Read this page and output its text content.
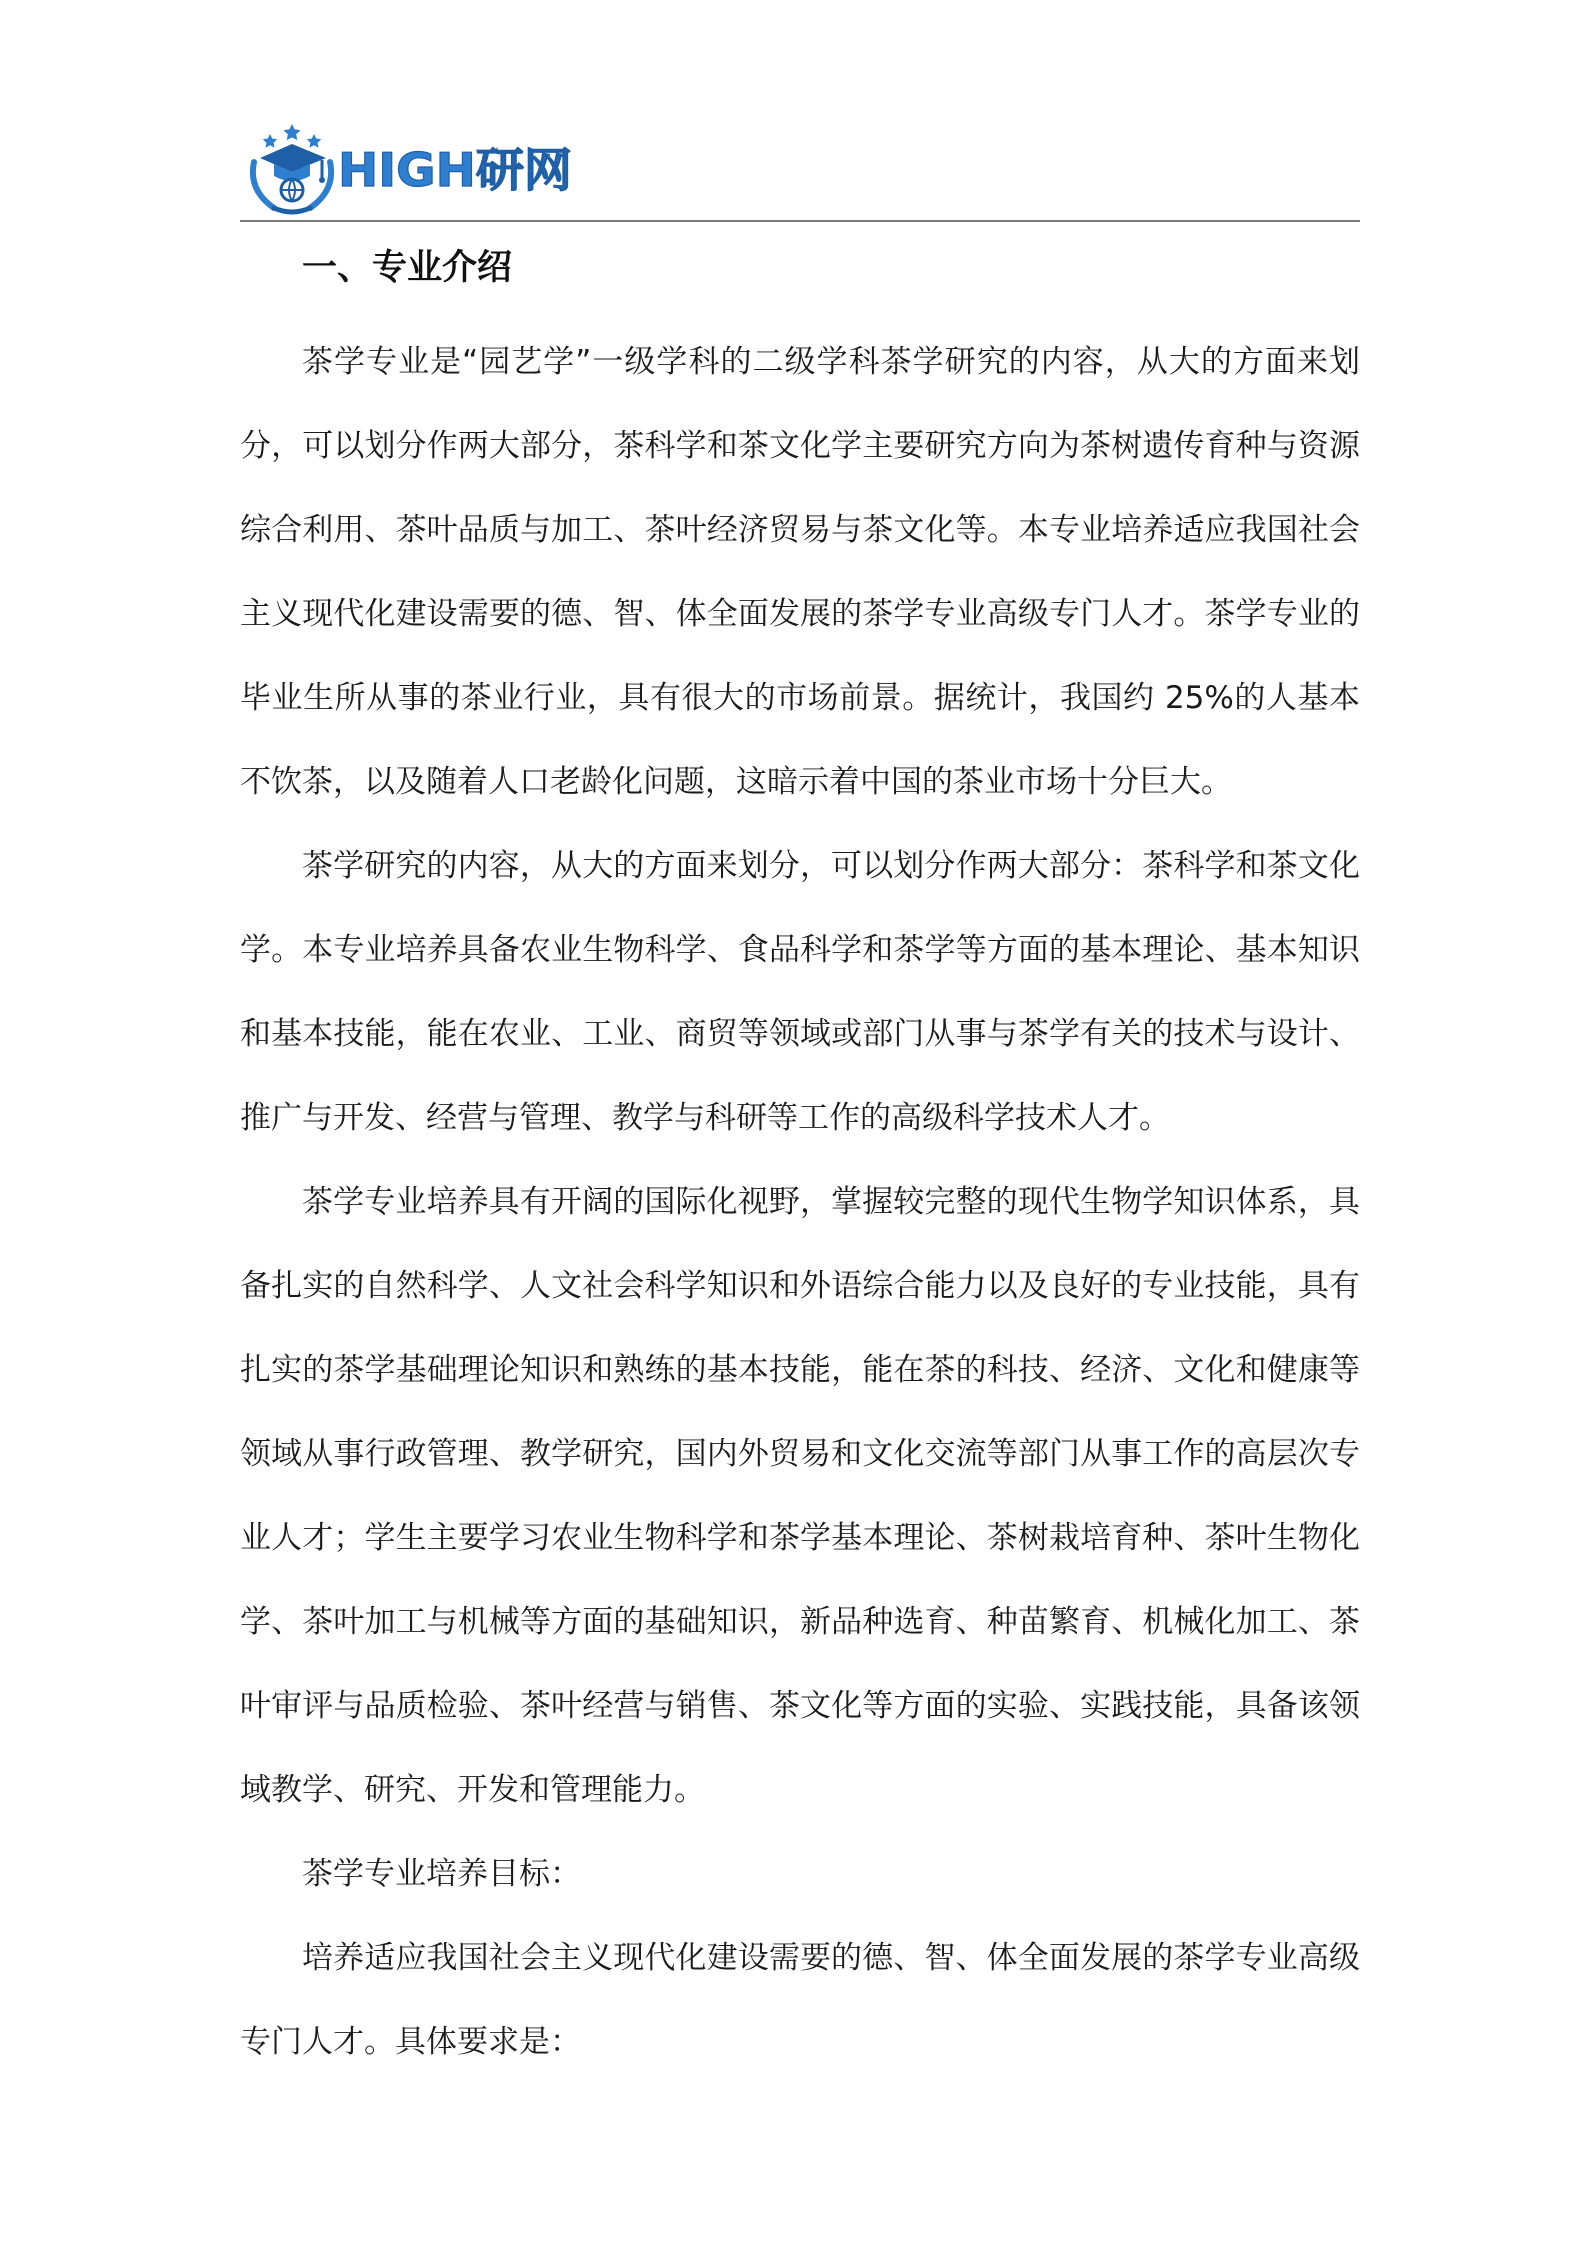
HIGH研网
一、专业介绍

茶学专业是“园艺学”一级学科的二级学科茶学研究的内容，从大的方面来划分，可以划分作两大部分，茶科学和茶文化学主要研究方向为茶树遗传育种与资源综合利用、茶叶品质与加工、茶叶经济贸易与茶文化等。本专业培养适应我国社会主义现代化建设需要的德、智、体全面发展的茶学专业高级专门人才。茶学专业的毕业生所从事的茶业行业，具有很大的市场前景。据统计，我国约 25%的人基本不饮茶，以及随着人口老龄化问题，这暗示着中国的茶业市场十分巨大。

茶学研究的内容，从大的方面来划分，可以划分作两大部分：茶科学和茶文化学。本专业培养具备农业生物科学、食品科学和茶学等方面的基本理论、基本知识和基本技能，能在农业、工业、商贸等领域或部门从事与茶学有关的技术与设计、推广与开发、经营与管理、教学与科研等工作的高级科学技术人才。

茶学专业培养具有开阔的国际化视野，掌握较完整的现代生物学知识体系，具备扎实的自然科学、人文社会科学知识和外语综合能力以及良好的专业技能，具有扎实的茶学基础理论知识和熟练的基本技能，能在茶的科技、经济、文化和健康等领域从事行政管理、教学研究，国内外贸易和文化交流等部门从事工作的高层次专业人才；学生主要学习农业生物科学和茶学基本理论、茶树栽培育种、茶叶生物化学、茶叶加工与机械等方面的基础知识，新品种选育、种苗繁育、机械化加工、茶叶审评与品质检验、茶叶经营与销售、茶文化等方面的实验、实践技能，具备该领域教学、研究、开发和管理能力。

茶学专业培养目标：

培养适应我国社会主义现代化建设需要的德、智、体全面发展的茶学专业高级专门人才。具体要求是：
